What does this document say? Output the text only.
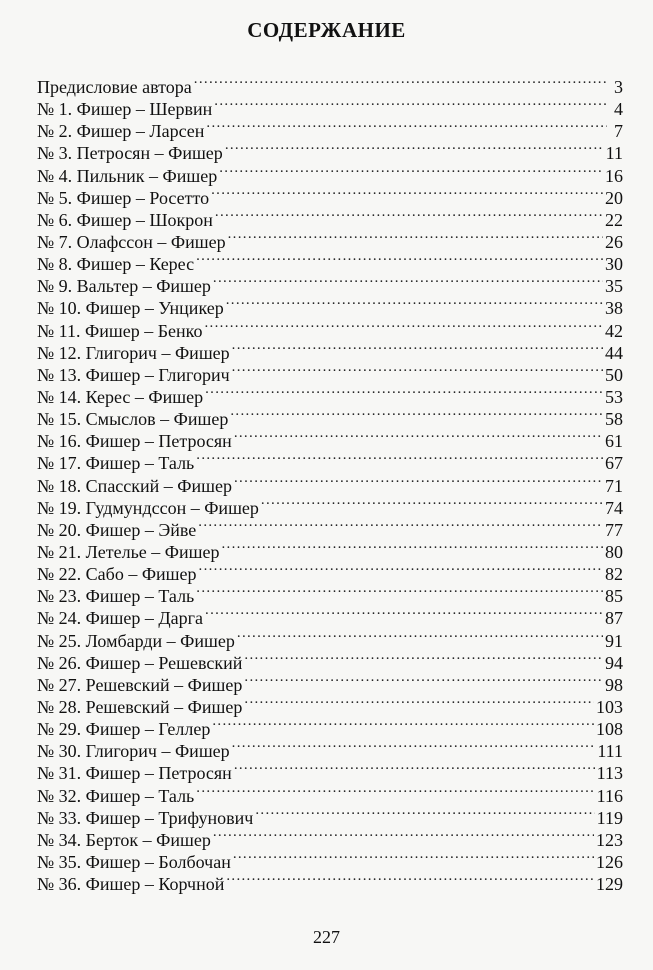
СОДЕРЖАНИЕ
Предисловие автора .....	3
№ 1. Фишер – Шервин .....	4
№ 2. Фишер – Ларсен .....	7
№ 3. Петросян – Фишер .....	11
№ 4. Пильник – Фишер .....	16
№ 5. Фишер – Росетто .....	20
№ 6. Фишер – Шокрон .....	22
№ 7. Олафссон – Фишер .....	26
№ 8. Фишер – Керес .....	30
№ 9. Вальтер – Фишер .....	35
№ 10. Фишер – Унцикер .....	38
№ 11. Фишер – Бенко .....	42
№ 12. Глигорич – Фишер .....	44
№ 13. Фишер – Глигорич .....	50
№ 14. Керес – Фишер .....	53
№ 15. Смыслов – Фишер .....	58
№ 16. Фишер – Петросян .....	61
№ 17. Фишер – Таль .....	67
№ 18. Спасский – Фишер .....	71
№ 19. Гудмундссон – Фишер .....	74
№ 20. Фишер – Эйве .....	77
№ 21. Летелье – Фишер .....	80
№ 22. Сабо – Фишер .....	82
№ 23. Фишер – Таль .....	85
№ 24. Фишер – Дарга .....	87
№ 25. Ломбарди – Фишер .....	91
№ 26. Фишер – Решевский .....	94
№ 27. Решевский – Фишер .....	98
№ 28. Решевский – Фишер .....	103
№ 29. Фишер – Геллер .....	108
№ 30. Глигорич – Фишер .....	111
№ 31. Фишер – Петросян .....	113
№ 32. Фишер – Таль .....	116
№ 33. Фишер – Трифунович .....	119
№ 34. Берток – Фишер .....	123
№ 35. Фишер – Болбочан .....	126
№ 36. Фишер – Корчной .....	129
227
